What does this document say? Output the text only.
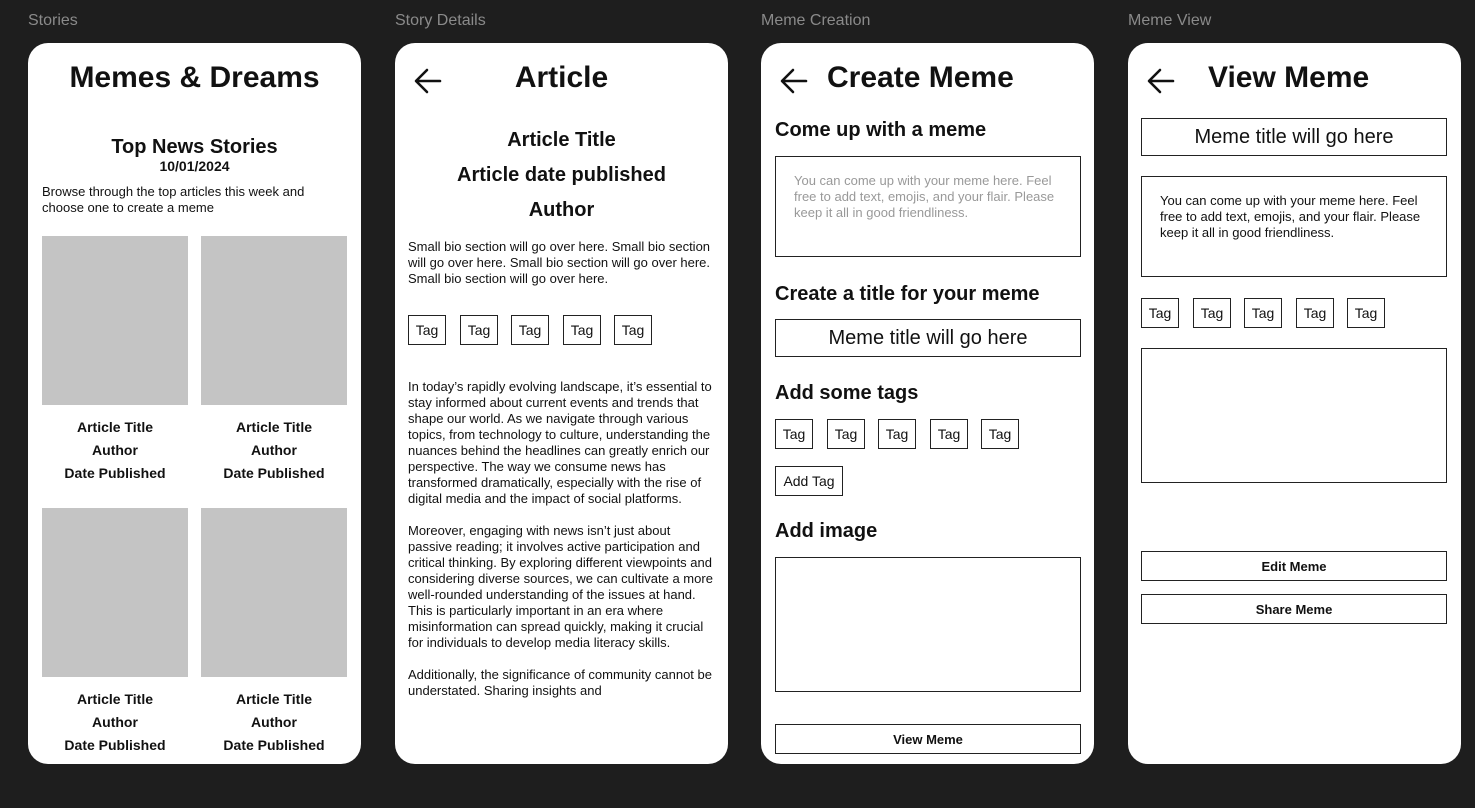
Stories	Story Details	Meme Creation	Meme View
Memes & Dreams
Top News Stories
10/01/2024
Browse through the top articles this week and choose one to create a meme
Article Title
Author
Date Published
Article Title
Author
Date Published
Article Title
Author
Date Published
Article Title
Author
Date Published
Article
Article Title
Article date published
Author
Small bio section will go over here. Small bio section will go over here. Small bio section will go over here. Small bio section will go over here.
Tag	Tag	Tag	Tag	Tag

In today’s rapidly evolving landscape, it’s essential to stay informed about current events and trends that shape our world. As we navigate through various topics, from technology to culture, understanding the nuances behind the headlines can greatly enrich our perspective. The way we consume news has transformed dramatically, especially with the rise of digital media and the impact of social platforms.

Moreover, engaging with news isn’t just about passive reading; it involves active participation and critical thinking. By exploring different viewpoints and considering diverse sources, we can cultivate a more well-rounded understanding of the issues at hand. This is particularly important in an era where misinformation can spread quickly, making it crucial for individuals to develop media literacy skills.

Additionally, the significance of community cannot be understated. Sharing insights and

Create Meme
Come up with a meme
You can come up with your meme here. Feel free to add text, emojis, and your flair. Please keep it all in good friendliness.
Create a title for your meme
Meme title will go here
Add some tags
Tag	Tag	Tag	Tag	Tag
Add Tag
Add image
View Meme
View Meme
Meme title will go here
You can come up with your meme here. Feel free to add text, emojis, and your flair. Please keep it all in good friendliness.
Tag	Tag	Tag	Tag	Tag
Edit Meme
Share Meme
